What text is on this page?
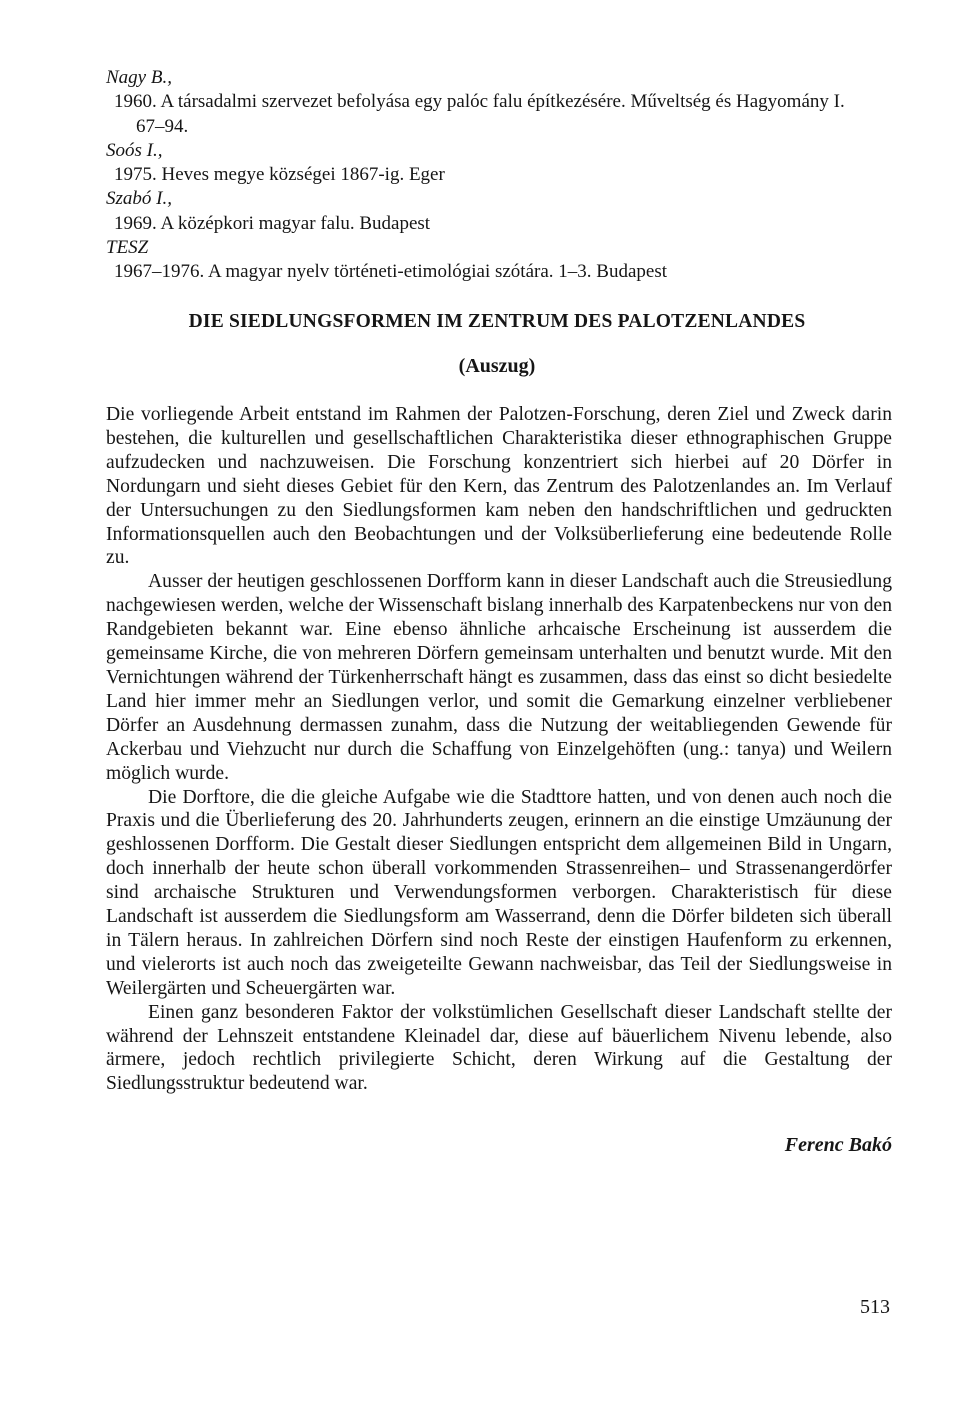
Nagy B.,
1960. A társadalmi szervezet befolyása egy palóc falu építkezésére. Műveltség és Hagyomány I.
67–94.
Soós I.,
1975. Heves megye községei 1867-ig. Eger
Szabó I.,
1969. A középkori magyar falu. Budapest
TESZ
1967–1976. A magyar nyelv történeti-etimológiai szótára. 1–3. Budapest
DIE SIEDLUNGSFORMEN IM ZENTRUM DES PALOTZENLANDES
(Auszug)

Die vorliegende Arbeit entstand im Rahmen der Palotzen-Forschung, deren Ziel und Zweck darin bestehen, die kulturellen und gesellschaftlichen Charakteristika dieser ethnographischen Gruppe aufzudecken und nachzuweisen. Die Forschung konzentriert sich hierbei auf 20 Dörfer in Nordungarn und sieht dieses Gebiet für den Kern, das Zentrum des Palotzenlandes an. Im Verlauf der Untersuchungen zu den Siedlungsformen kam neben den handschriftlichen und gedruckten Informationsquellen auch den Beobachtungen und der Volksüberlieferung eine bedeutende Rolle zu.

Ausser der heutigen geschlossenen Dorfform kann in dieser Landschaft auch die Streusiedlung nachgewiesen werden, welche der Wissenschaft bislang innerhalb des Karpatenbeckens nur von den Randgebieten bekannt war. Eine ebenso ähnliche arhcaische Erscheinung ist ausserdem die gemeinsame Kirche, die von mehreren Dörfern gemeinsam unterhalten und benutzt wurde. Mit den Vernichtungen während der Türkenherrschaft hängt es zusammen, dass das einst so dicht besiedelte Land hier immer mehr an Siedlungen verlor, und somit die Gemarkung einzelner verbliebener Dörfer an Ausdehnung dermassen zunahm, dass die Nutzung der weitabliegenden Gewende für Ackerbau und Viehzucht nur durch die Schaffung von Einzelgehöften (ung.: tanya) und Weilern möglich wurde.

Die Dorftore, die die gleiche Aufgabe wie die Stadttore hatten, und von denen auch noch die Praxis und die Überlieferung des 20. Jahrhunderts zeugen, erinnern an die einstige Umzäunung der geshlossenen Dorfform. Die Gestalt dieser Siedlungen entspricht dem allgemeinen Bild in Ungarn, doch innerhalb der heute schon überall vorkommenden Strassenreihen– und Strassenangerdörfer sind archaische Strukturen und Verwendungsformen verborgen. Charakteristisch für diese Landschaft ist ausserdem die Siedlungsform am Wasserrand, denn die Dörfer bildeten sich überall in Tälern heraus. In zahlreichen Dörfern sind noch Reste der einstigen Haufenform zu erkennen, und vielerorts ist auch noch das zweigeteilte Gewann nachweisbar, das Teil der Siedlungsweise in Weilergärten und Scheuergärten war.

Einen ganz besonderen Faktor der volkstümlichen Gesellschaft dieser Landschaft stellte der während der Lehnszeit entstandene Kleinadel dar, diese auf bäuerlichem Nivenu lebende, also ärmere, jedoch rechtlich privilegierte Schicht, deren Wirkung auf die Gestaltung der Siedlungsstruktur bedeutend war.

Ferenc Bakó
513
